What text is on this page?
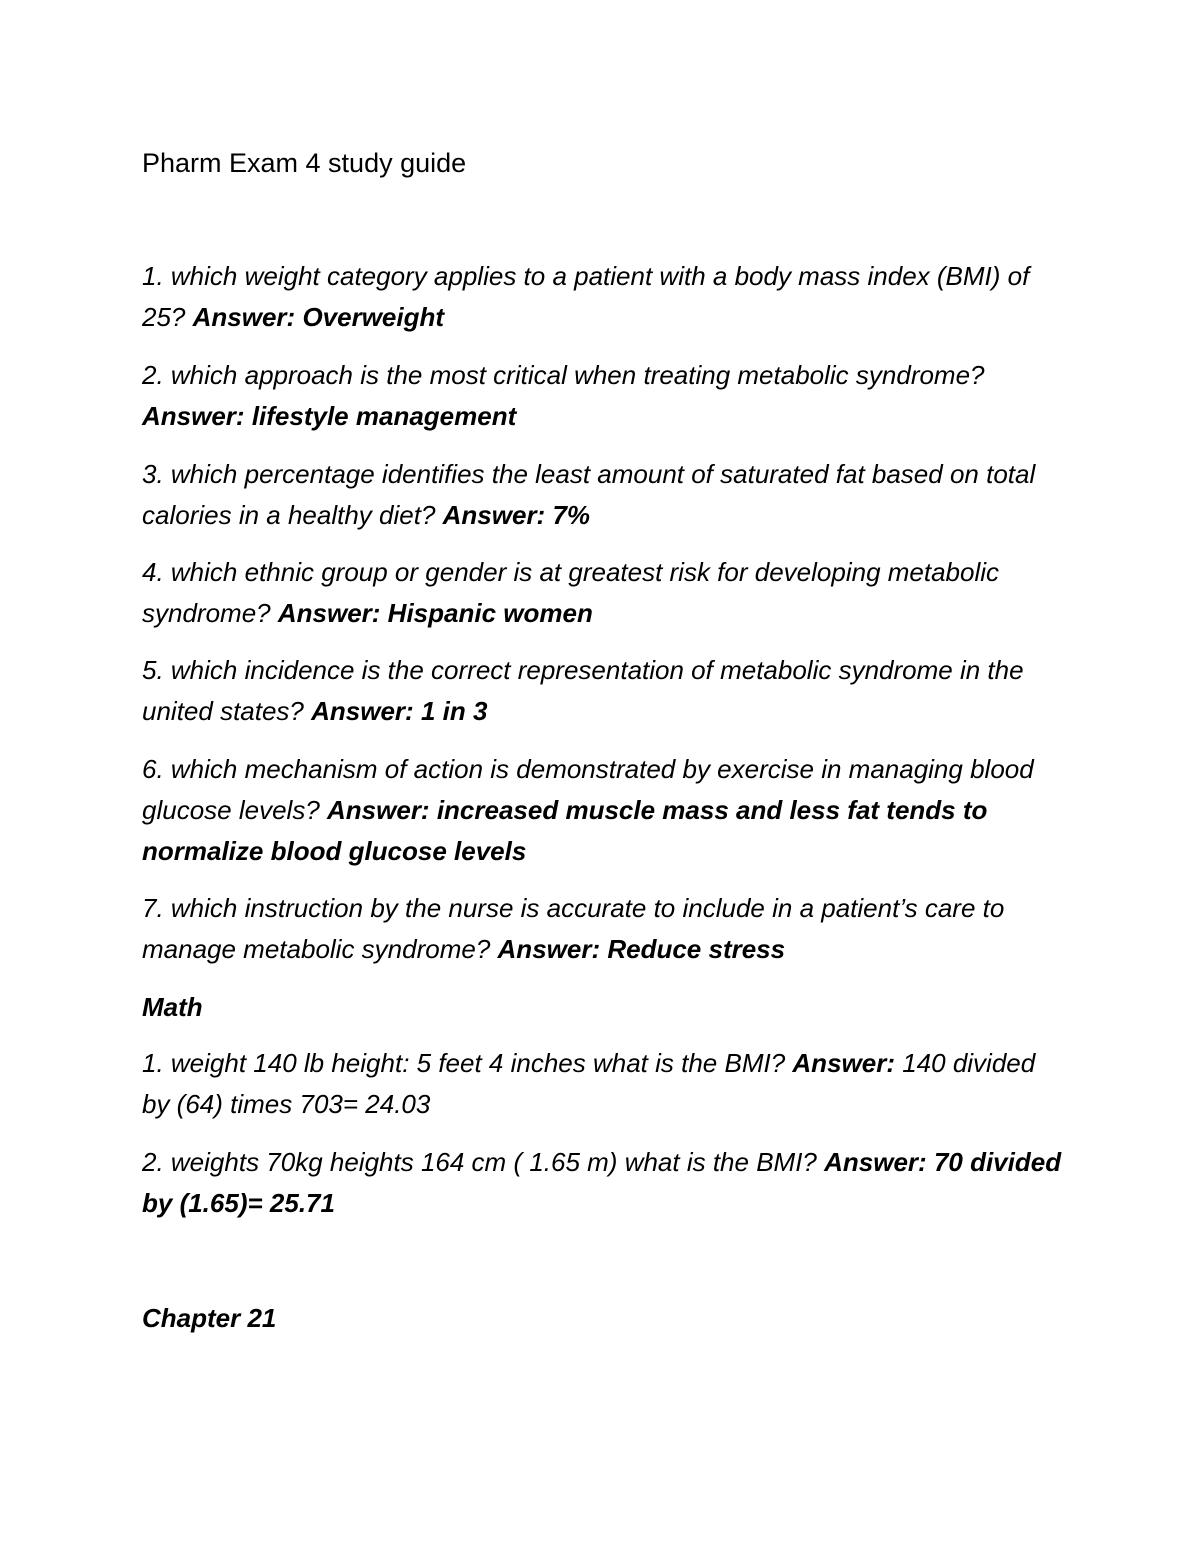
Pharm Exam 4 study guide
1. which weight category applies to a patient with a body mass index (BMI) of 25? Answer: Overweight
2. which approach is the most critical when treating metabolic syndrome? Answer: lifestyle management
3. which percentage identifies the least amount of saturated fat based on total calories in a healthy diet? Answer: 7%
4. which ethnic group or gender is at greatest risk for developing metabolic syndrome? Answer: Hispanic women
5. which incidence is the correct representation of metabolic syndrome in the united states? Answer: 1 in 3
6. which mechanism of action is demonstrated by exercise in managing blood glucose levels? Answer: increased muscle mass and less fat tends to normalize blood glucose levels
7. which instruction by the nurse is accurate to include in a patient’s care to manage metabolic syndrome? Answer: Reduce stress
Math
1. weight 140 lb height: 5 feet 4 inches what is the BMI? Answer: 140 divided by (64) times 703= 24.03
2. weights 70kg heights 164 cm ( 1.65 m) what is the BMI? Answer: 70 divided by (1.65)= 25.71
Chapter 21
